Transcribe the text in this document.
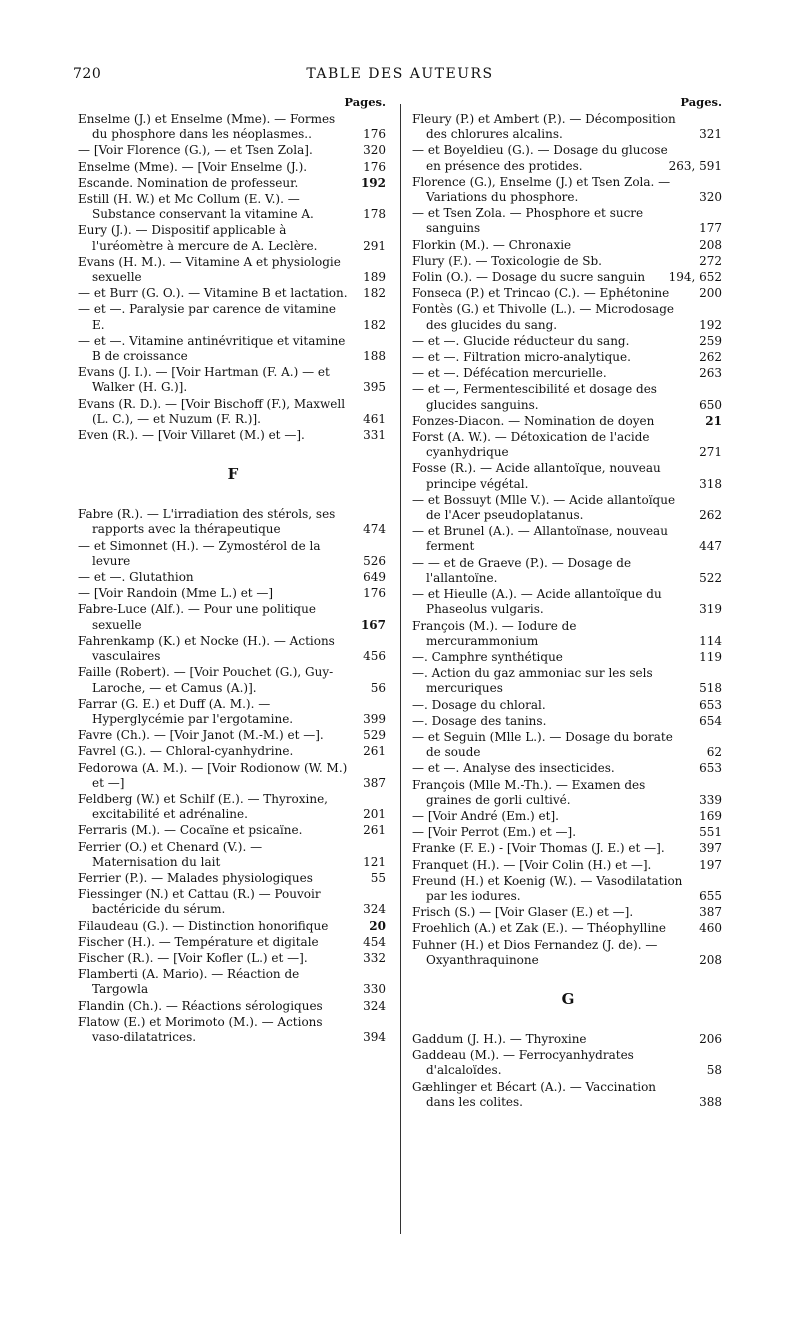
720	TABLE DES AUTEURS
Pages.
Enselme (J.) et Enselme (Mme). — Formes du phosphore dans les néoplasmes..	176
— [Voir Florence (G.), — et Tsen Zola].	320
Enselme (Mme). — [Voir Enselme (J.).	176
Escande. Nomination de professeur.	192
Estill (H. W.) et Mc Collum (E. V.). — Substance conservant la vitamine A.	178
Eury (J.). — Dispositif applicable à l'uréomètre à mercure de A. Leclère.	291
Evans (H. M.). — Vitamine A et physiologie sexuelle	189
— et Burr (G. O.). — Vitamine B et lactation. 182
— et —. Paralysie par carence de vitamine E.	182
— et —. Vitamine antinévritique et vitamine B de croissance	188
Evans (J. I.). — [Voir Hartman (F. A.) — et Walker (H. G.)].	395
Evans (R. D.). — [Voir Bischoff (F.), Maxwell (L. C.), — et Nuzum (F. R.)].	461
Even (R.). — [Voir Villaret (M.) et —].	331
F
Fabre (R.). — L'irradiation des stérols, ses rapports avec la thérapeutique	474
— et Simonnet (H.). — Zymostérol de la levure	526
— et —. Glutathion	649
— [Voir Randoin (Mme L.) et —]	176
Fabre-Luce (Alf.). — Pour une politique sexuelle	167
Fahrenkamp (K.) et Nocke (H.). — Actions vasculaires	456
Faille (Robert). — [Voir Pouchet (G.), Guy-Laroche, — et Camus (A.)].	56
Farrar (G. E.) et Duff (A. M.). — Hyperglycémie par l'ergotamine.	399
Favre (Ch.). — [Voir Janot (M.-M.) et —].	529
Favrel (G.). — Chloral-cyanhydrine.	261
Fedorowa (A. M.). — [Voir Rodionow (W. M.) et —]	387
Feldberg (W.) et Schilf (E.). — Thyroxine, excitabilité et adrénaline.	201
Ferraris (M.). — Cocaïne et psicaïne.	261
Ferrier (O.) et Chenard (V.). — Maternisation du lait	121
Ferrier (P.). — Malades physiologiques	55
Fiessinger (N.) et Cattau (R.) — Pouvoir bactéricide du sérum.	324
Filaudeau (G.). — Distinction honorifique	20
Fischer (H.). — Température et digitale	454
Fischer (R.). — [Voir Kofler (L.) et —].	332
Flamberti (A. Mario). — Réaction de Targowla	330
Flandin (Ch.). — Réactions sérologiques	324
Flatow (E.) et Morimoto (M.). — Actions vaso-dilatatrices.	394
Pages.
Fleury (P.) et Ambert (P.). — Décomposition des chlorures alcalins.	321
— et Boyeldieu (G.). — Dosage du glucose en présence des protides.	263, 591
Florence (G.), Enselme (J.) et Tsen Zola. — Variations du phosphore.	320
— et Tsen Zola. — Phosphore et sucre sanguins	177
Florkin (M.). — Chronaxie	208
Flury (F.). — Toxicologie de Sb.	272
Folin (O.). — Dosage du sucre sanguin	194, 652
Fonseca (P.) et Trincao (C.). — Ephétonine	200
Fontès (G.) et Thivolle (L.). — Microdosage des glucides du sang.	192
— et —. Glucide réducteur du sang.	259
— et —. Filtration micro-analytique.	262
— et —. Défécation mercurielle.	263
— et —, Fermentescibilité et dosage des glucides sanguins.	650
Fonzes-Diacon. — Nomination de doyen	21
Forst (A. W.). — Détoxication de l'acide cyanhydrique	271
Fosse (R.). — Acide allantoïque, nouveau principe végétal.	318
— et Bossuyt (Mlle V.). — Acide allantoïque de l'Acer pseudoplatanus.	262
— et Brunel (A.). — Allantoïnase, nouveau ferment	447
— — et de Graeve (P.). — Dosage de l'allantoïne.	522
— et Hieulle (A.). — Acide allantoïque du Phaseolus vulgaris.	319
François (M.). — Iodure de mercurammonium	114
—. Camphre synthétique	119
—. Action du gaz ammoniac sur les sels mercuriques	518
—. Dosage du chloral.	653
—. Dosage des tanins.	654
— et Seguin (Mlle L.). — Dosage du borate de soude	62
— et —. Analyse des insecticides.	653
François (Mlle M.-Th.). — Examen des graines de gorli cultivé.	339
— [Voir André (Em.) et].	169
— [Voir Perrot (Em.) et —].	551
Franke (F. E.) - [Voir Thomas (J. E.) et —].	397
Franquet (H.). — [Voir Colin (H.) et —].	197
Freund (H.) et Koenig (W.). — Vasodilatation par les iodures.	655
Frisch (S.) — [Voir Glaser (E.) et —].	387
Froehlich (A.) et Zak (E.). — Théophylline	460
Fuhner (H.) et Dios Fernandez (J. de). — Oxyanthraquinone	208
G
Gaddum (J. H.). — Thyroxine	206
Gaddeau (M.). — Ferrocyanhydrates d'alcaloïdes.	58
Gæhlinger et Bécart (A.). — Vaccination dans les colites.	388
